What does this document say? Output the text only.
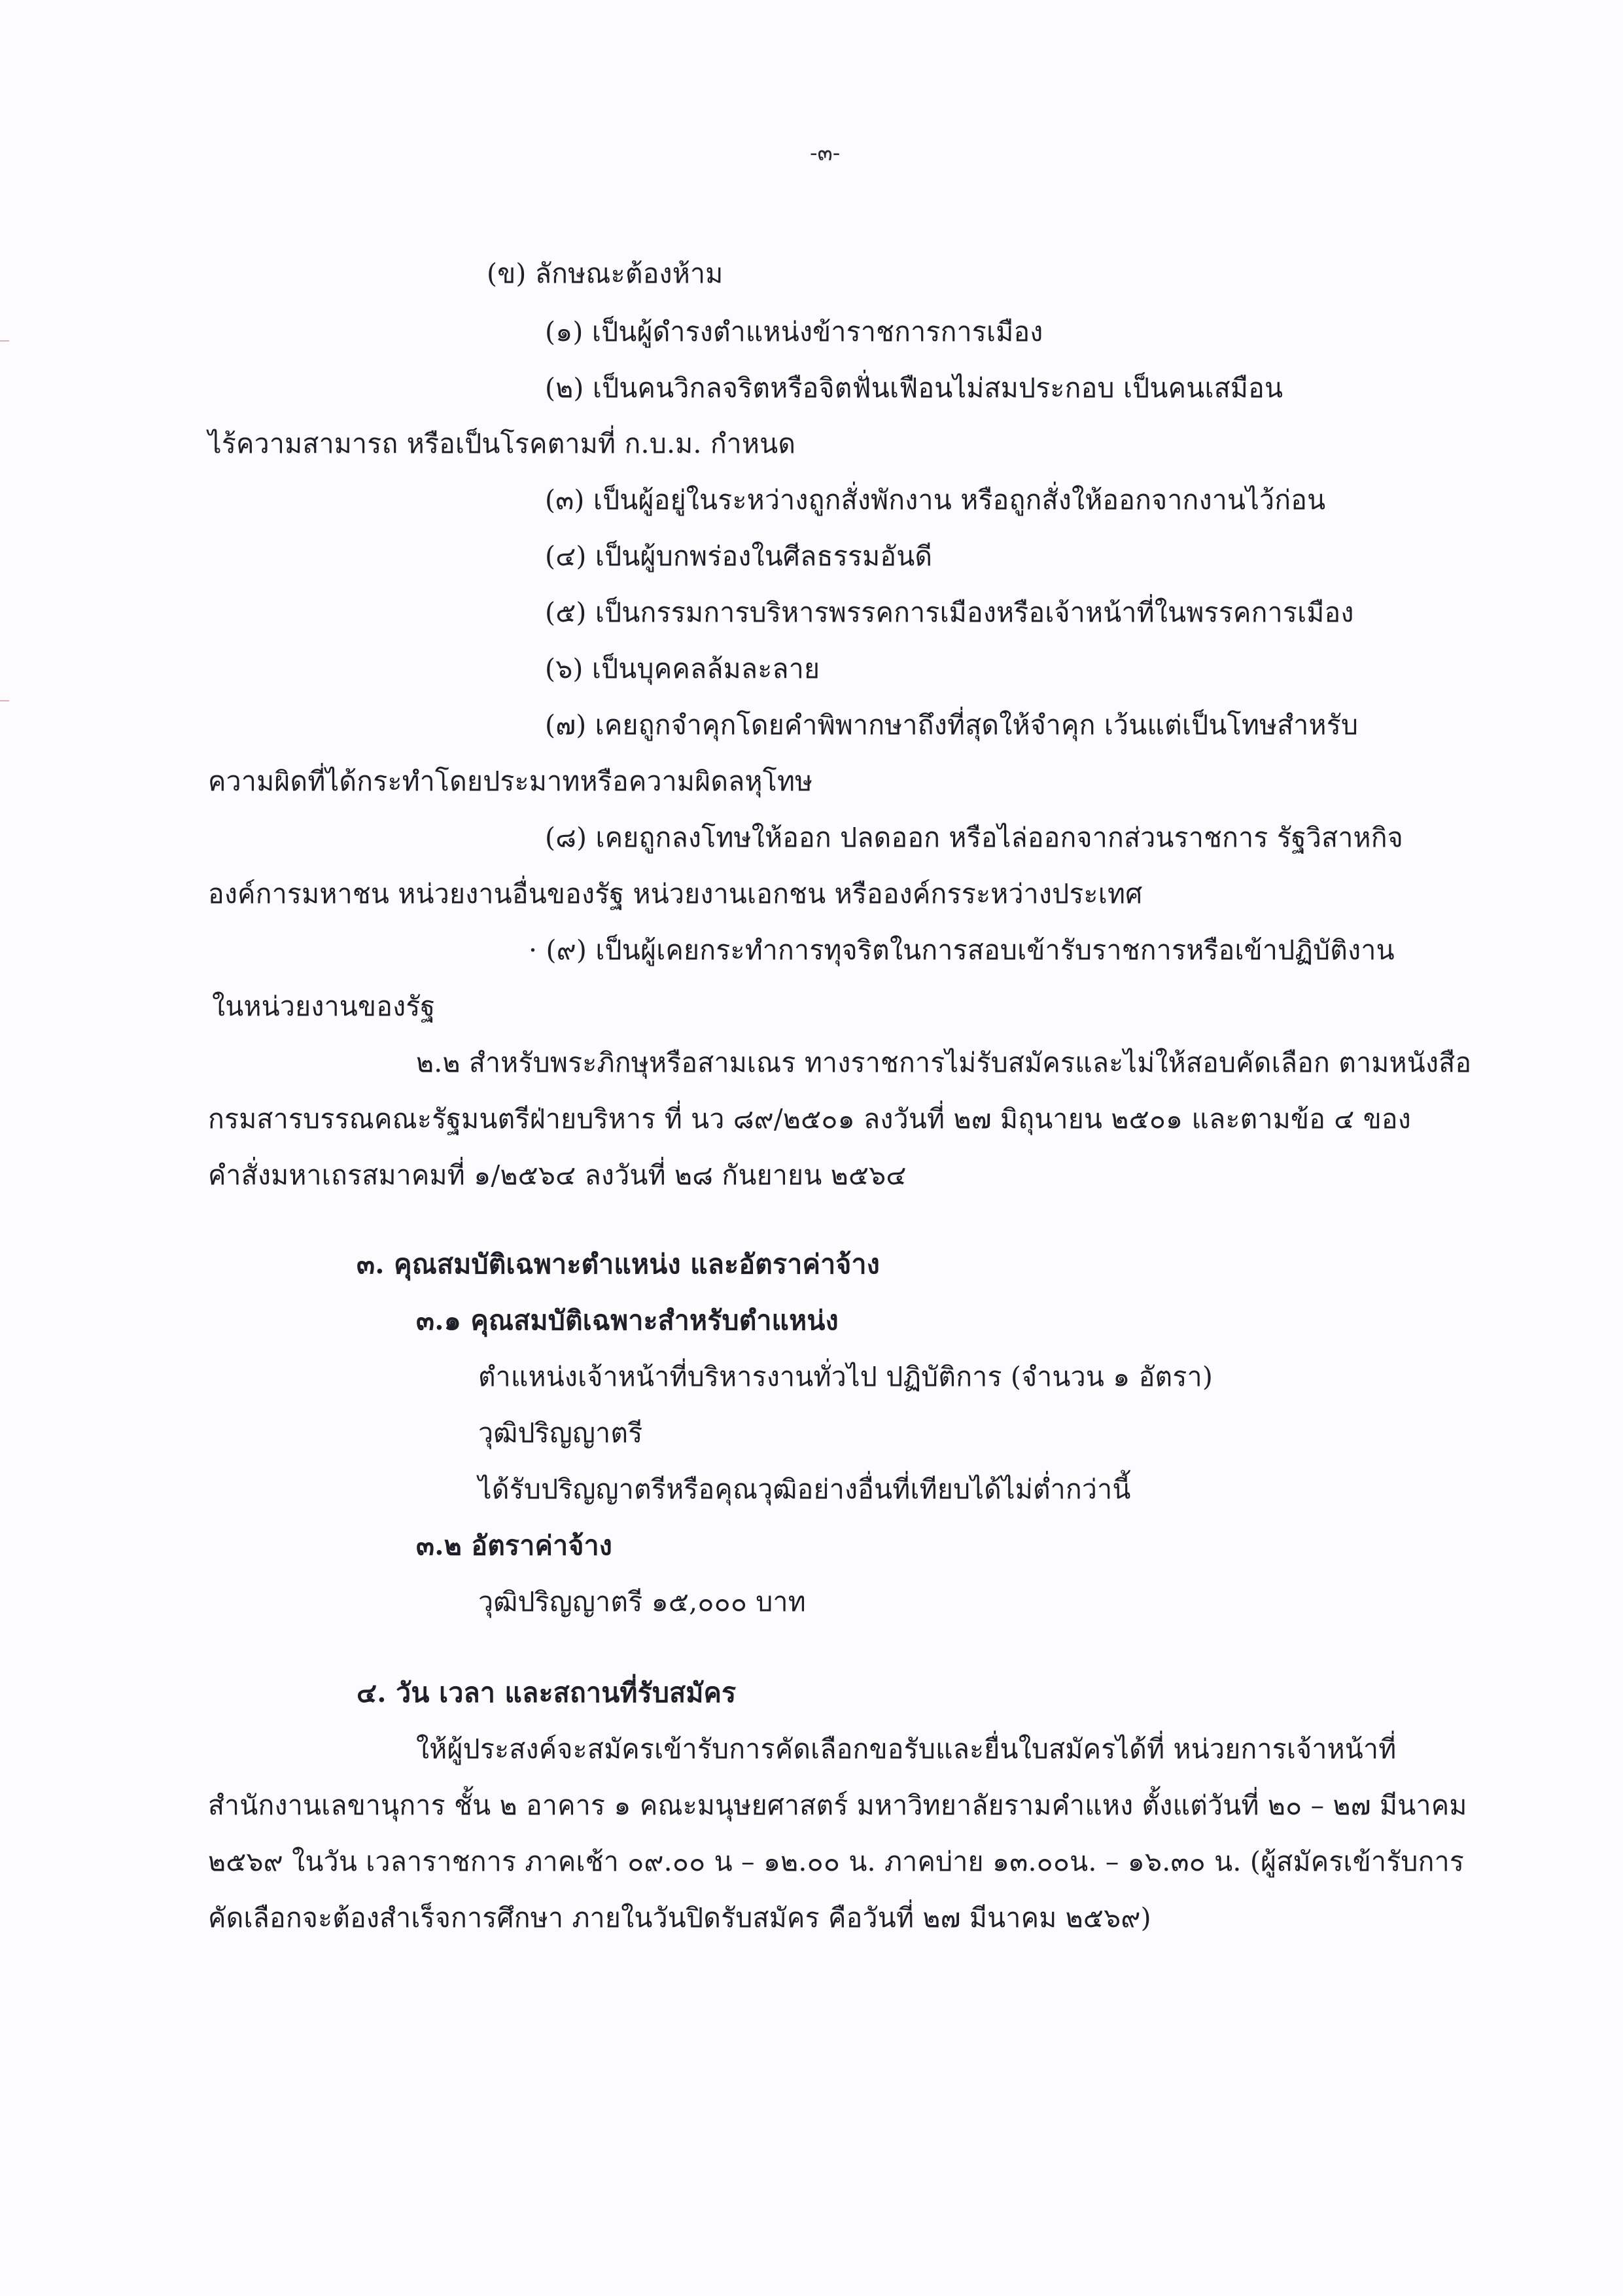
-๓-
(ข) ลักษณะต้องห้าม
(๑) เป็นผู้ดำรงตำแหน่งข้าราชการการเมือง
(๒) เป็นคนวิกลจริตหรือจิตฟั่นเฟือนไม่สมประกอบ เป็นคนเสมือน
ไร้ความสามารถ หรือเป็นโรคตามที่ ก.บ.ม. กำหนด
(๓) เป็นผู้อยู่ในระหว่างถูกสั่งพักงาน หรือถูกสั่งให้ออกจากงานไว้ก่อน
(๔) เป็นผู้บกพร่องในศีลธรรมอันดี
(๕) เป็นกรรมการบริหารพรรคการเมืองหรือเจ้าหน้าที่ในพรรคการเมือง
(๖) เป็นบุคคลล้มละลาย
(๗) เคยถูกจำคุกโดยคำพิพากษาถึงที่สุดให้จำคุก เว้นแต่เป็นโทษสำหรับ
ความผิดที่ได้กระทำโดยประมาทหรือความผิดลหุโทษ
(๘) เคยถูกลงโทษให้ออก ปลดออก หรือไล่ออกจากส่วนราชการ รัฐวิสาหกิจ
องค์การมหาชน หน่วยงานอื่นของรัฐ หน่วยงานเอกชน หรือองค์กรระหว่างประเทศ
· (๙) เป็นผู้เคยกระทำการทุจริตในการสอบเข้ารับราชการหรือเข้าปฏิบัติงาน
ในหน่วยงานของรัฐ
๒.๒ สำหรับพระภิกษุหรือสามเณร ทางราชการไม่รับสมัครและไม่ให้สอบคัดเลือก ตามหนังสือ
กรมสารบรรณคณะรัฐมนตรีฝ่ายบริหาร ที่ นว ๘๙/๒๕๐๑ ลงวันที่ ๒๗ มิถุนายน ๒๕๐๑ และตามข้อ ๔ ของ
คำสั่งมหาเถรสมาคมที่ ๑/๒๕๖๔ ลงวันที่ ๒๘ กันยายน ๒๕๖๔
๓. คุณสมบัติเฉพาะตำแหน่ง และอัตราค่าจ้าง
๓.๑ คุณสมบัติเฉพาะสำหรับตำแหน่ง
ตำแหน่งเจ้าหน้าที่บริหารงานทั่วไป ปฏิบัติการ (จำนวน ๑ อัตรา)
วุฒิปริญญาตรี
ได้รับปริญญาตรีหรือคุณวุฒิอย่างอื่นที่เทียบได้ไม่ต่ำกว่านี้
๓.๒ อัตราค่าจ้าง
วุฒิปริญญาตรี ๑๕,๐๐๐ บาท
๔. วัน เวลา และสถานที่รับสมัคร
ให้ผู้ประสงค์จะสมัครเข้ารับการคัดเลือกขอรับและยื่นใบสมัครได้ที่ หน่วยการเจ้าหน้าที่
สำนักงานเลขานุการ ชั้น ๒ อาคาร ๑ คณะมนุษยศาสตร์ มหาวิทยาลัยรามคำแหง ตั้งแต่วันที่ ๒๐ – ๒๗ มีนาคม
๒๕๖๙ ในวัน เวลาราชการ ภาคเช้า ๐๙.๐๐ น – ๑๒.๐๐ น. ภาคบ่าย ๑๓.๐๐น. – ๑๖.๓๐ น. (ผู้สมัครเข้ารับการ
คัดเลือกจะต้องสำเร็จการศึกษา ภายในวันปิดรับสมัคร คือวันที่ ๒๗ มีนาคม ๒๕๖๙)
